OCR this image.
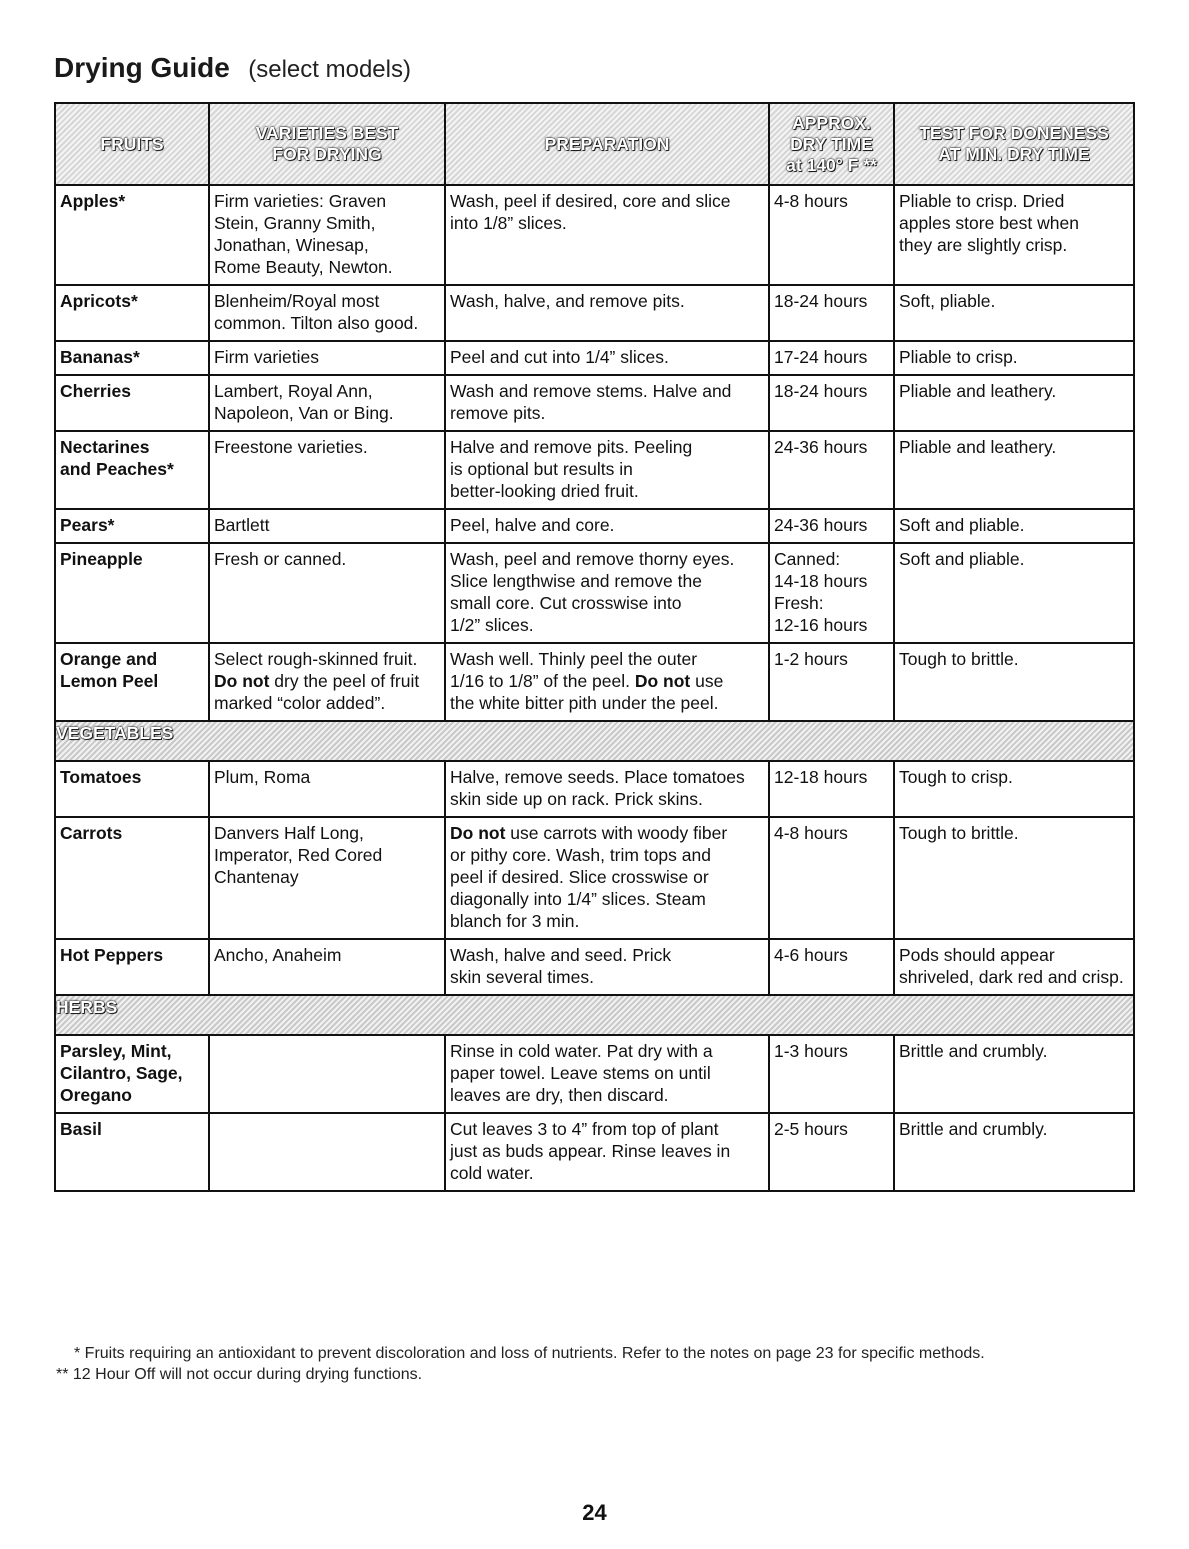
Drying Guide (select models)
FRUITS	VARIETIES BEST
FOR DRYING	PREPARATION	APPROX.
DRY TIME
at 140° F **	TEST FOR DONENESS
AT MIN. DRY TIME

Apples*	Firm varieties: Graven
Stein, Granny Smith,
Jonathan, Winesap,
Rome Beauty, Newton.	Wash, peel if desired, core and slice
into 1/8” slices.	4-8 hours	Pliable to crisp. Dried
apples store best when
they are slightly crisp.

Apricots*	Blenheim/Royal most
common. Tilton also good.	Wash, halve, and remove pits.	18-24 hours	Soft, pliable.

Bananas*	Firm varieties	Peel and cut into 1/4” slices.	17-24 hours	Pliable to crisp.

Cherries	Lambert, Royal Ann,
Napoleon, Van or Bing.	Wash and remove stems. Halve and
remove pits.	18-24 hours	Pliable and leathery.

Nectarines
and Peaches*	Freestone varieties.	Halve and remove pits. Peeling
is optional but results in
better-looking dried fruit.	24-36 hours	Pliable and leathery.

Pears*	Bartlett	Peel, halve and core.	24-36 hours	Soft and pliable.

Pineapple	Fresh or canned.	Wash, peel and remove thorny eyes.
Slice lengthwise and remove the
small core. Cut crosswise into
1/2” slices.	Canned:
14-18 hours
Fresh:
12-16 hours	Soft and pliable.

Orange and
Lemon Peel	Select rough-skinned fruit.
Do not dry the peel of fruit
marked “color added”.	Wash well. Thinly peel the outer
1/16 to 1/8” of the peel. Do not use
the white bitter pith under the peel.	1-2 hours	Tough to brittle.

VEGETABLES				

Tomatoes	Plum, Roma	Halve, remove seeds. Place tomatoes
skin side up on rack. Prick skins.	12-18 hours	Tough to crisp.

Carrots	Danvers Half Long,
Imperator, Red Cored
Chantenay	Do not use carrots with woody fiber
or pithy core. Wash, trim tops and
peel if desired. Slice crosswise or
diagonally into 1/4” slices. Steam
blanch for 3 min.	4-8 hours	Tough to brittle.

Hot Peppers	Ancho, Anaheim	Wash, halve and seed. Prick
skin several times.	4-6 hours	Pods should appear
shriveled, dark red and crisp.

HERBS				

Parsley, Mint,
Cilantro, Sage,
Oregano		Rinse in cold water. Pat dry with a
paper towel. Leave stems on until
leaves are dry, then discard.	1-3 hours	Brittle and crumbly.

Basil		Cut leaves 3 to 4” from top of plant
just as buds appear. Rinse leaves in
cold water.	2-5 hours	Brittle and crumbly.
* Fruits requiring an antioxidant to prevent discoloration and loss of nutrients. Refer to the notes on page 23 for specific methods.
** 12 Hour Off will not occur during drying functions.
24
